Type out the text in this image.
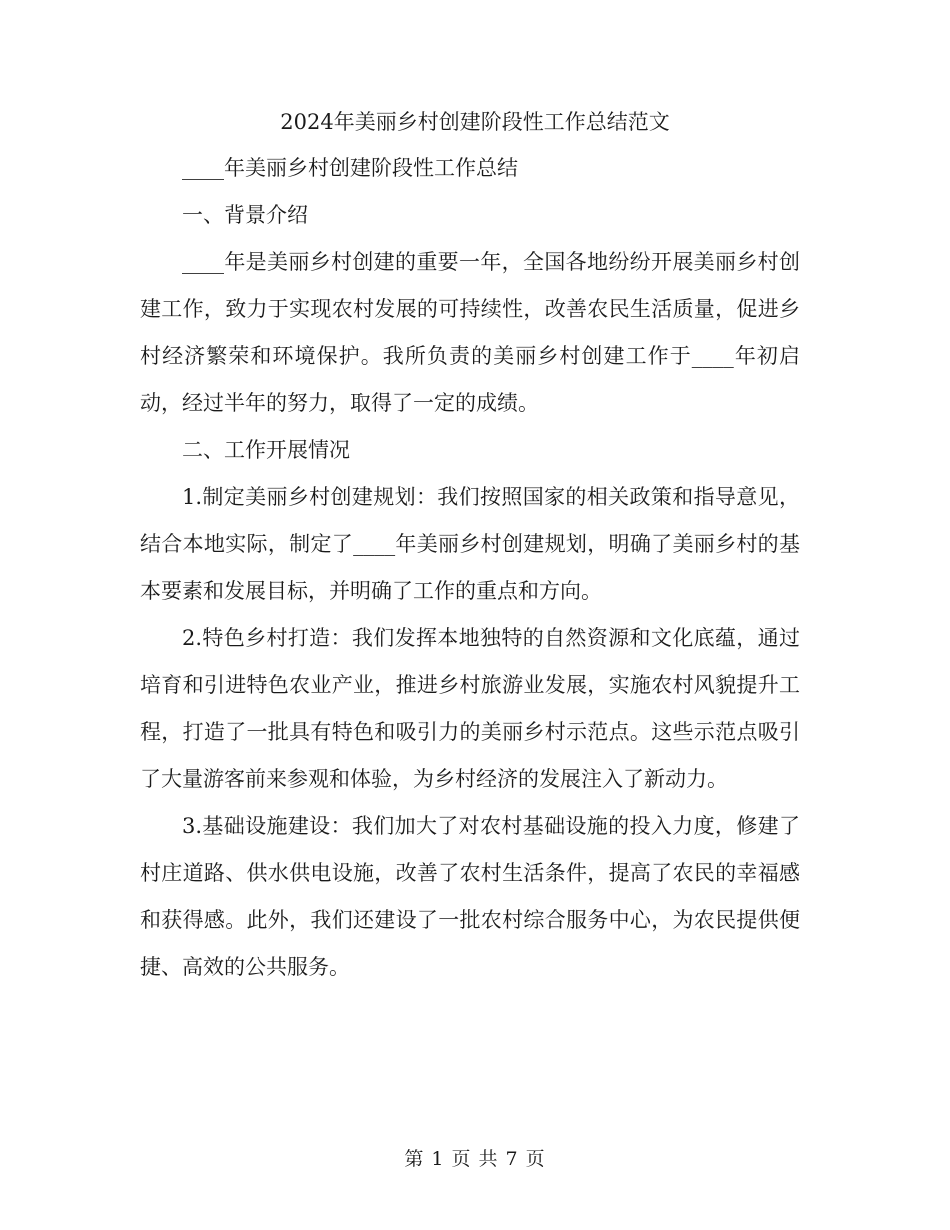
2024年美丽乡村创建阶段性工作总结范文

____年美丽乡村创建阶段性工作总结

一、背景介绍

____年是美丽乡村创建的重要一年，全国各地纷纷开展美丽乡村创建工作，致力于实现农村发展的可持续性，改善农民生活质量，促进乡村经济繁荣和环境保护。我所负责的美丽乡村创建工作于____年初启动，经过半年的努力，取得了一定的成绩。

二、工作开展情况

1.制定美丽乡村创建规划：我们按照国家的相关政策和指导意见，结合本地实际，制定了____年美丽乡村创建规划，明确了美丽乡村的基本要素和发展目标，并明确了工作的重点和方向。

2.特色乡村打造：我们发挥本地独特的自然资源和文化底蕴，通过培育和引进特色农业产业，推进乡村旅游业发展，实施农村风貌提升工程，打造了一批具有特色和吸引力的美丽乡村示范点。这些示范点吸引了大量游客前来参观和体验，为乡村经济的发展注入了新动力。

3.基础设施建设：我们加大了对农村基础设施的投入力度，修建了村庄道路、供水供电设施，改善了农村生活条件，提高了农民的幸福感和获得感。此外，我们还建设了一批农村综合服务中心，为农民提供便捷、高效的公共服务。

第 1 页 共 7 页
